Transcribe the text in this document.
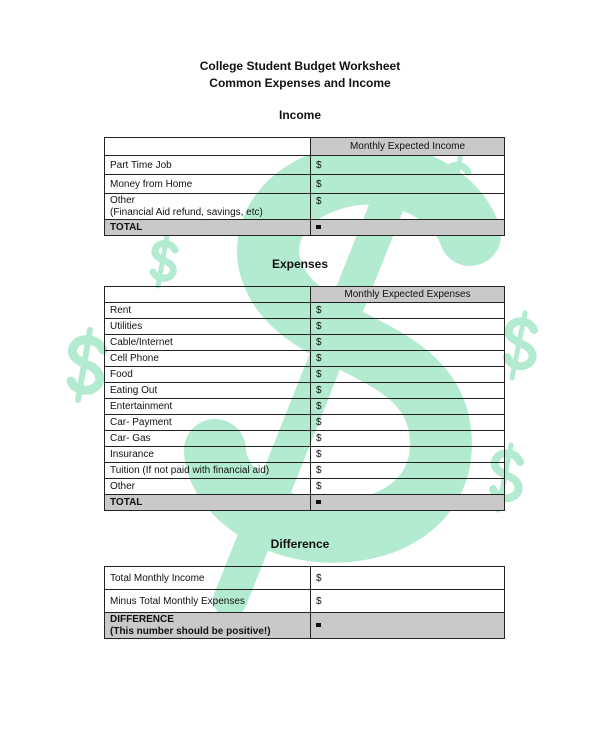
College Student Budget Worksheet
Common Expenses and Income
Income
	Monthly Expected Income
Part Time Job	$
Money from Home	$

Other
(Financial Aid refund, savings, etc)	$
TOTAL	
Expenses
	Monthly Expected Expenses
Rent	$
Utilities	$
Cable/Internet	$
Cell Phone	$
Food	$
Eating Out	$
Entertainment	$
Car- Payment	$
Car- Gas	$
Insurance	$
Tuition (If not paid with financial aid)	$
Other	$
TOTAL	
Difference
Total Monthly Income	$
Minus Total Monthly Expenses	$

DIFFERENCE
(This number should be positive!)	
